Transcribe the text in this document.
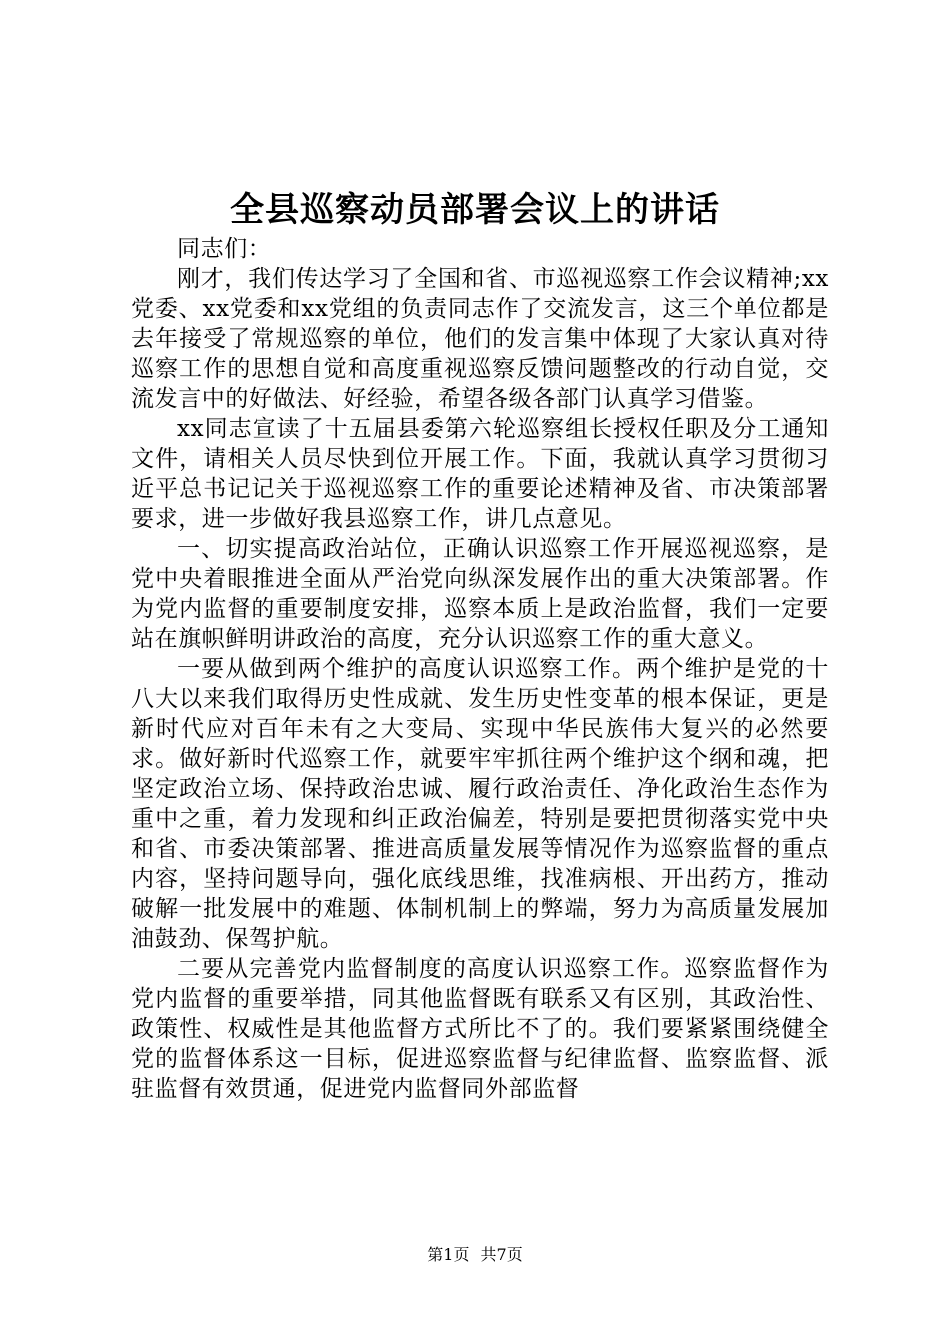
全县巡察动员部署会议上的讲话

同志们：

刚才，我们传达学习了全国和省、市巡视巡察工作会议精神;xx党委、xx党委和xx党组的负责同志作了交流发言，这三个单位都是去年接受了常规巡察的单位，他们的发言集中体现了大家认真对待巡察工作的思想自觉和高度重视巡察反馈问题整改的行动自觉，交流发言中的好做法、好经验，希望各级各部门认真学习借鉴。

xx同志宣读了十五届县委第六轮巡察组长授权任职及分工通知文件，请相关人员尽快到位开展工作。下面，我就认真学习贯彻习近平总书记记关于巡视巡察工作的重要论述精神及省、市决策部署要求，进一步做好我县巡察工作，讲几点意见。

一、切实提高政治站位，正确认识巡察工作开展巡视巡察，是党中央着眼推进全面从严治党向纵深发展作出的重大决策部署。作为党内监督的重要制度安排，巡察本质上是政治监督，我们一定要站在旗帜鲜明讲政治的高度，充分认识巡察工作的重大意义。

一要从做到两个维护的高度认识巡察工作。两个维护是党的十八大以来我们取得历史性成就、发生历史性变革的根本保证，更是新时代应对百年未有之大变局、实现中华民族伟大复兴的必然要求。做好新时代巡察工作，就要牢牢抓往两个维护这个纲和魂，把坚定政治立场、保持政治忠诚、履行政治责任、净化政治生态作为重中之重，着力发现和纠正政治偏差，特别是要把贯彻落实党中央和省、市委决策部署、推进高质量发展等情况作为巡察监督的重点内容，坚持问题导向，强化底线思维，找准病根、开出药方，推动破解一批发展中的难题、体制机制上的弊端，努力为高质量发展加油鼓劲、保驾护航。

二要从完善党内监督制度的高度认识巡察工作。巡察监督作为党内监督的重要举措，同其他监督既有联系又有区别，其政治性、政策性、权威性是其他监督方式所比不了的。我们要紧紧围绕健全党的监督体系这一目标，促进巡察监督与纪律监督、监察监督、派驻监督有效贯通，促进党内监督同外部监督

第1页 共7页
